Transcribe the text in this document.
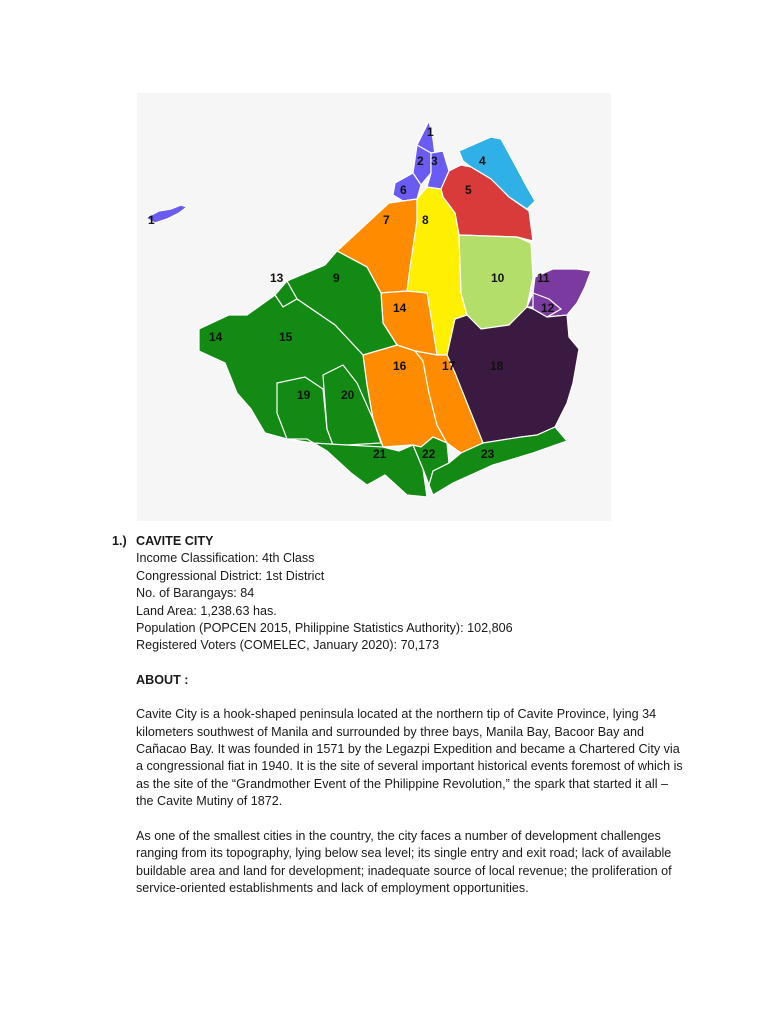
1
2 3	4
5
6
7	8
9	10	11
12
13
14
15
16	17	18
19	20
21	22	23
1
14
1.) CAVITE CITY
Income Classification: 4th Class
Congressional District: 1st District
No. of Barangays: 84
Land Area: 1,238.63 has.
Population (POPCEN 2015, Philippine Statistics Authority): 102,806
Registered Voters (COMELEC, January 2020): 70,173
ABOUT :
Cavite City is a hook-shaped peninsula located at the northern tip of Cavite Province, lying 34 kilometers southwest of Manila and surrounded by three bays, Manila Bay, Bacoor Bay and Cañacao Bay. It was founded in 1571 by the Legazpi Expedition and became a Chartered City via a congressional fiat in 1940. It is the site of several important historical events foremost of which is as the site of the “Grandmother Event of the Philippine Revolution,” the spark that started it all – the Cavite Mutiny of 1872.
As one of the smallest cities in the country, the city faces a number of development challenges ranging from its topography, lying below sea level; its single entry and exit road; lack of available buildable area and land for development; inadequate source of local revenue; the proliferation of service-oriented establishments and lack of employment opportunities.
